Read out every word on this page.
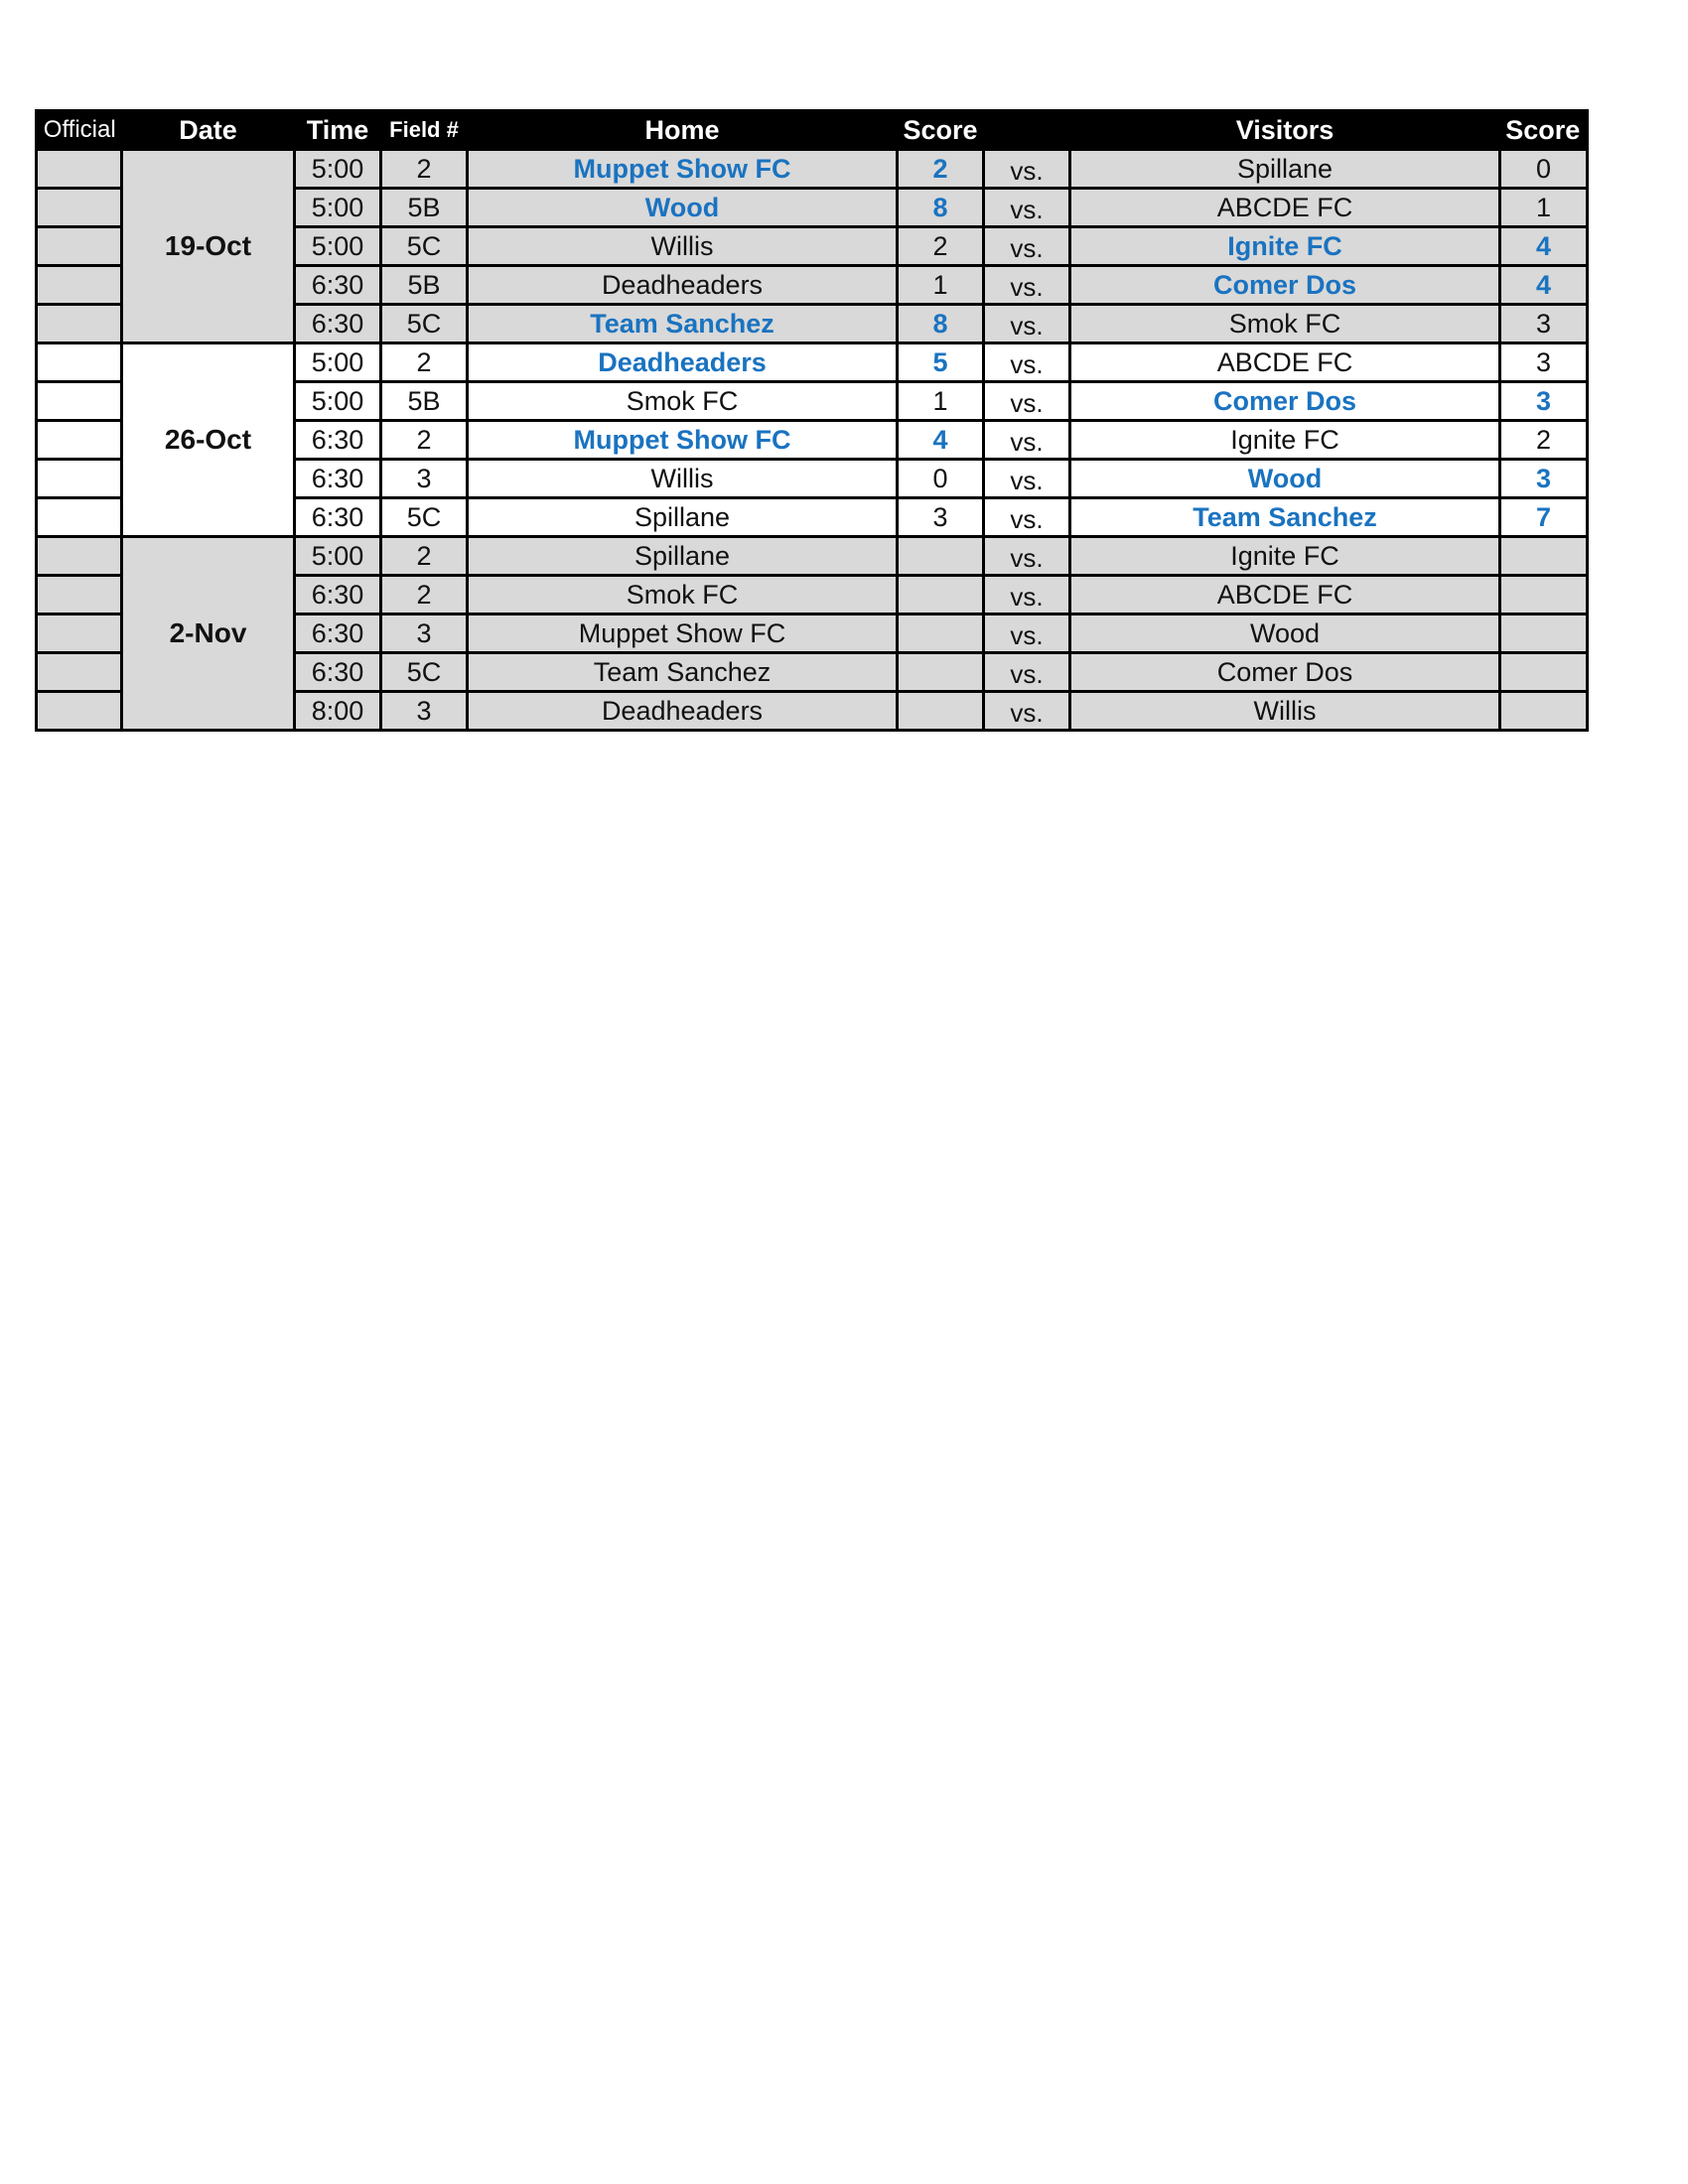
Official	Date	Time	Field #	Home	Score		Visitors	Score
	19-Oct	5:00	2	Muppet Show FC	2	vs.	Spillane	0
		5:00	5B	Wood	8	vs.	ABCDE FC	1
		5:00	5C	Willis	2	vs.	Ignite FC	4
		6:30	5B	Deadheaders	1	vs.	Comer Dos	4
		6:30	5C	Team Sanchez	8	vs.	Smok FC	3
	26-Oct	5:00	2	Deadheaders	5	vs.	ABCDE FC	3
		5:00	5B	Smok FC	1	vs.	Comer Dos	3
		6:30	2	Muppet Show FC	4	vs.	Ignite FC	2
		6:30	3	Willis	0	vs.	Wood	3
		6:30	5C	Spillane	3	vs.	Team Sanchez	7
	2-Nov	5:00	2	Spillane		vs.	Ignite FC	
		6:30	2	Smok FC		vs.	ABCDE FC	
		6:30	3	Muppet Show FC		vs.	Wood	
		6:30	5C	Team Sanchez		vs.	Comer Dos	
		8:00	3	Deadheaders		vs.	Willis	
